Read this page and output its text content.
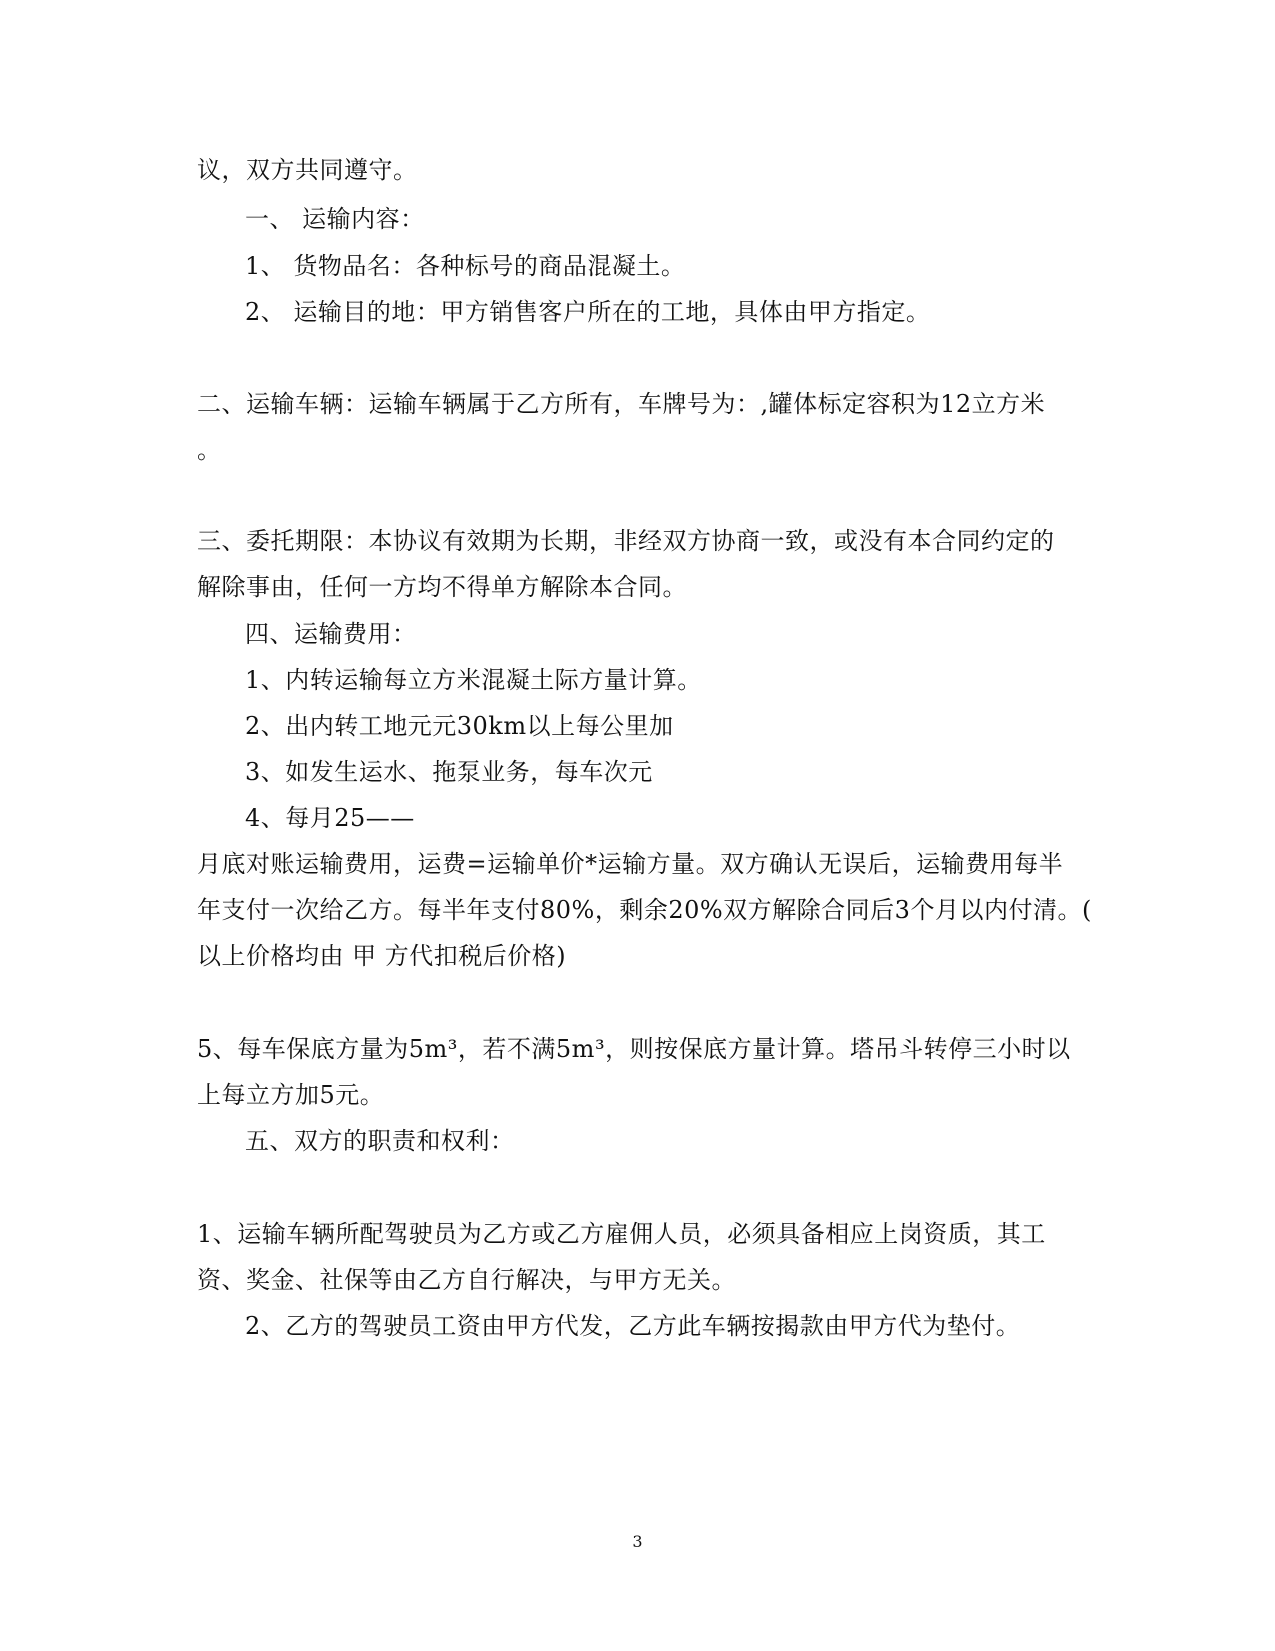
议，双方共同遵守。
一、 运输内容：
1、 货物品名：各种标号的商品混凝土。
2、 运输目的地：甲方销售客户所在的工地，具体由甲方指定。
二、运输车辆：运输车辆属于乙方所有，车牌号为：,罐体标定容积为12立方米
。
三、委托期限：本协议有效期为长期，非经双方协商一致，或没有本合同约定的
解除事由，任何一方均不得单方解除本合同。
四、运输费用：
1、内转运输每立方米混凝土际方量计算。
2、出内转工地元元30km以上每公里加
3、如发生运水、拖泵业务，每车次元
4、每月25——
月底对账运输费用，运费=运输单价*运输方量。双方确认无误后，运输费用每半
年支付一次给乙方。每半年支付80%，剩余20%双方解除合同后3个月以内付清。(
以上价格均由 甲 方代扣税后价格)
5、每车保底方量为5m³，若不满5m³，则按保底方量计算。塔吊斗转停三小时以
上每立方加5元。
五、双方的职责和权利：
1、运输车辆所配驾驶员为乙方或乙方雇佣人员，必须具备相应上岗资质，其工
资、奖金、社保等由乙方自行解决，与甲方无关。
2、乙方的驾驶员工资由甲方代发，乙方此车辆按揭款由甲方代为垫付。
3
